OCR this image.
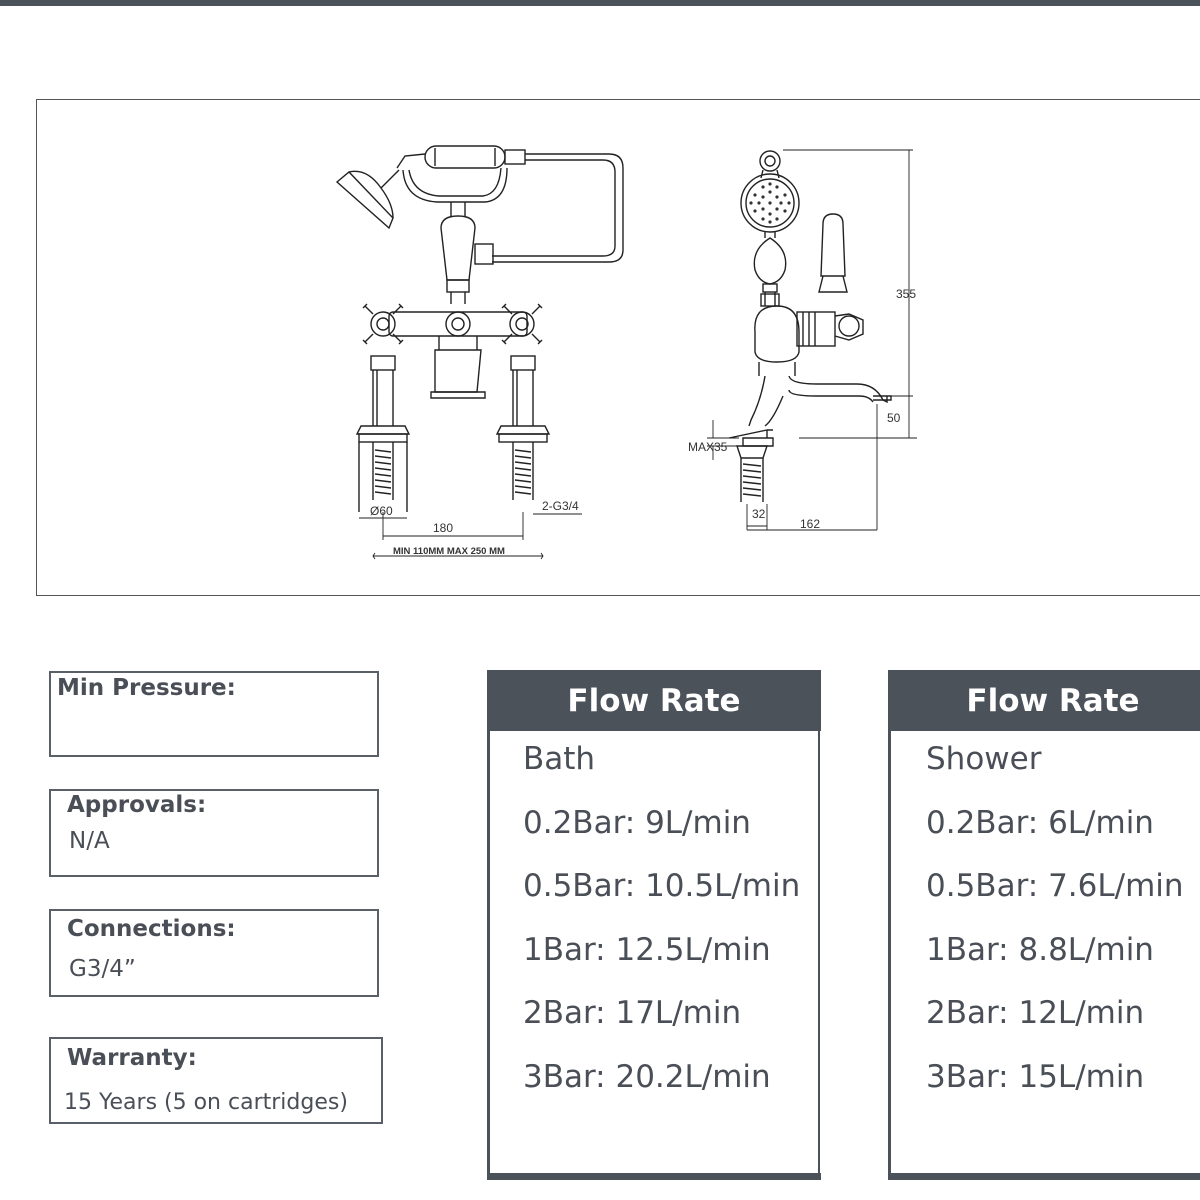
Ø60	2-G3/4
180
MIN 110MM MAX 250 MM
355
50
MAX35
32
162
Min Pressure:
Approvals:
N/A
Connections:
G3/4”
Warranty:
15 Years (5 on cartridges)
Flow Rate
Bath
0.2Bar: 9L/min
0.5Bar: 10.5L/min
1Bar: 12.5L/min
2Bar: 17L/min
3Bar: 20.2L/min
Flow Rate
Shower
0.2Bar: 6L/min
0.5Bar: 7.6L/min
1Bar: 8.8L/min
2Bar: 12L/min
3Bar: 15L/min
